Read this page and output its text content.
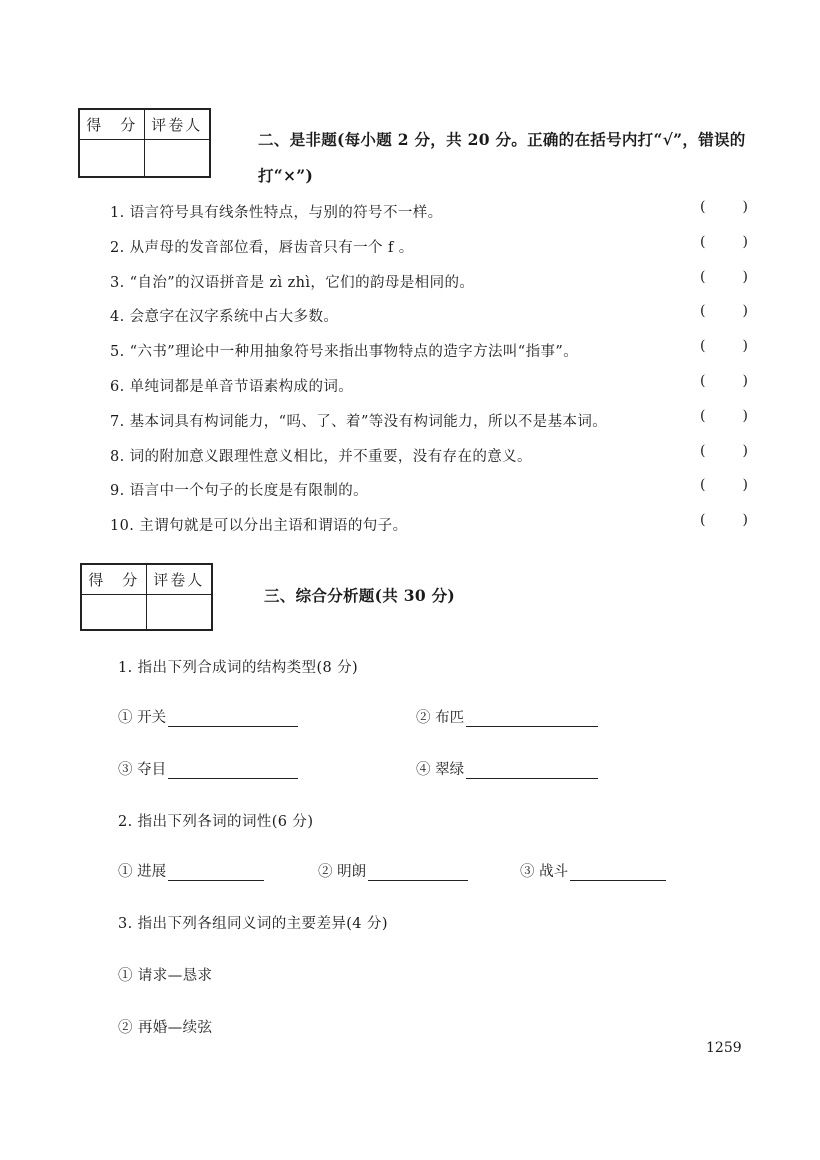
得　分 评卷人
二、是非题(每小题 2 分，共 20 分。正确的在括号内打“√”，错误的
打“×”)
1. 语言符号具有线条性特点，与别的符号不一样。	(	)
2. 从声母的发音部位看，唇齿音只有一个 f 。	(	)
3. “自治”的汉语拼音是 zì zhì，它们的韵母是相同的。	(	)
4. 会意字在汉字系统中占大多数。	(	)
5. “六书”理论中一种用抽象符号来指出事物特点的造字方法叫“指事”。	(	)
6. 单纯词都是单音节语素构成的词。	(	)
7. 基本词具有构词能力，“吗、了、着”等没有构词能力，所以不是基本词。	(	)
8. 词的附加意义跟理性意义相比，并不重要，没有存在的意义。	(	)
9. 语言中一个句子的长度是有限制的。	(	)
10. 主谓句就是可以分出主语和谓语的句子。	(	)
得　分 评卷人
三、综合分析题(共 30 分)
1. 指出下列合成词的结构类型(8 分)
① 开关	② 布匹
③ 夺目	④ 翠绿
2. 指出下列各词的词性(6 分)
① 进展	② 明朗	③ 战斗
3. 指出下列各组同义词的主要差异(4 分)
① 请求—恳求
② 再婚—续弦
1259
